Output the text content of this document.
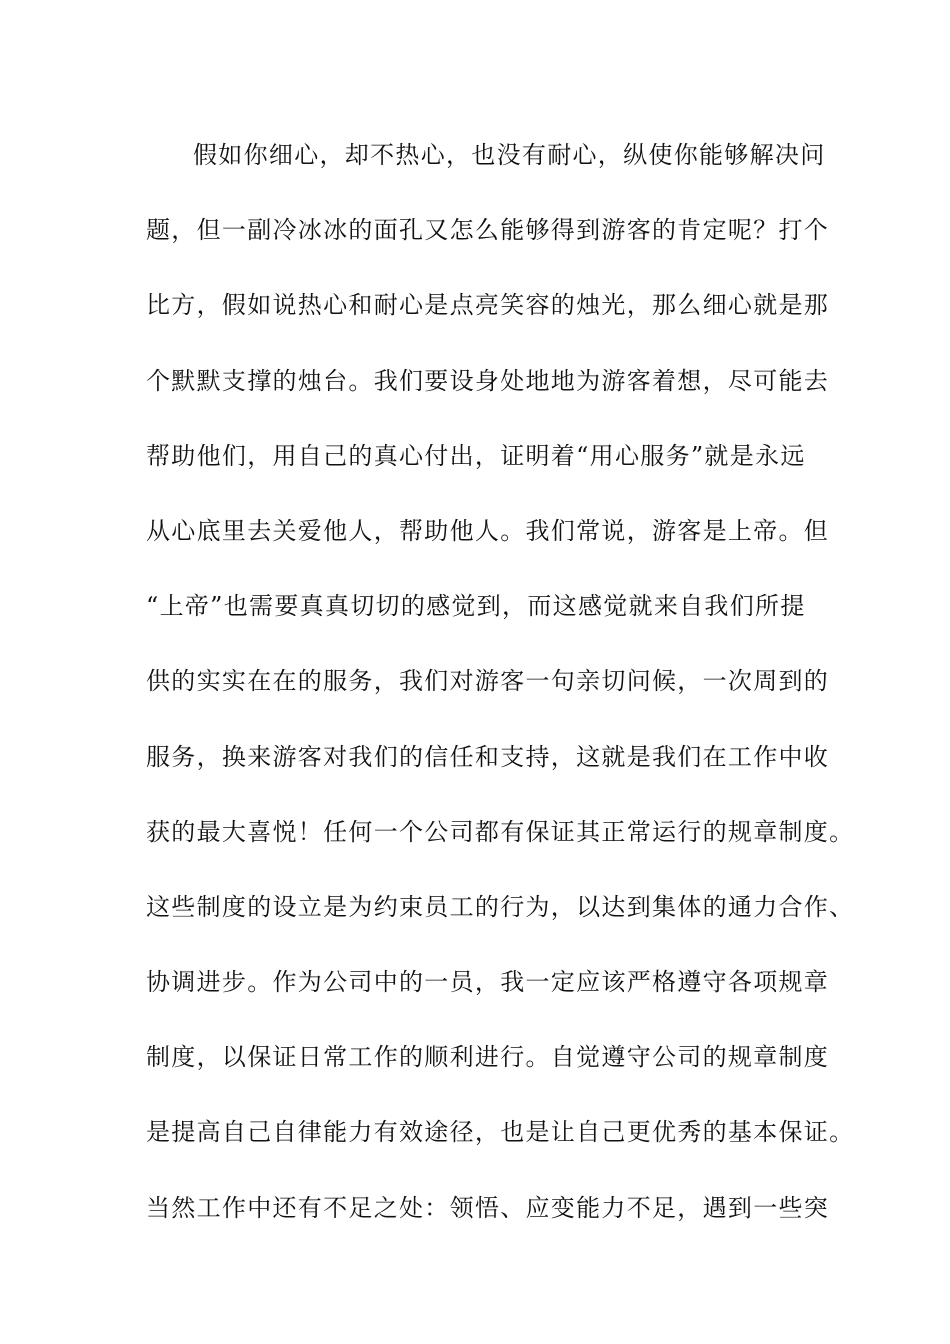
假如你细心，却不热心，也没有耐心，纵使你能够解决问
题，但一副冷冰冰的面孔又怎么能够得到游客的肯定呢？打个
比方，假如说热心和耐心是点亮笑容的烛光，那么细心就是那
个默默支撑的烛台。我们要设身处地地为游客着想，尽可能去
帮助他们，用自己的真心付出，证明着“用心服务”就是永远
从心底里去关爱他人，帮助他人。我们常说，游客是上帝。但
“上帝”也需要真真切切的感觉到，而这感觉就来自我们所提
供的实实在在的服务，我们对游客一句亲切问候，一次周到的
服务，换来游客对我们的信任和支持，这就是我们在工作中收
获的最大喜悦！任何一个公司都有保证其正常运行的规章制度。
这些制度的设立是为约束员工的行为，以达到集体的通力合作、
协调进步。作为公司中的一员，我一定应该严格遵守各项规章
制度，以保证日常工作的顺利进行。自觉遵守公司的规章制度
是提高自己自律能力有效途径，也是让自己更优秀的基本保证。
当然工作中还有不足之处：领悟、应变能力不足，遇到一些突
